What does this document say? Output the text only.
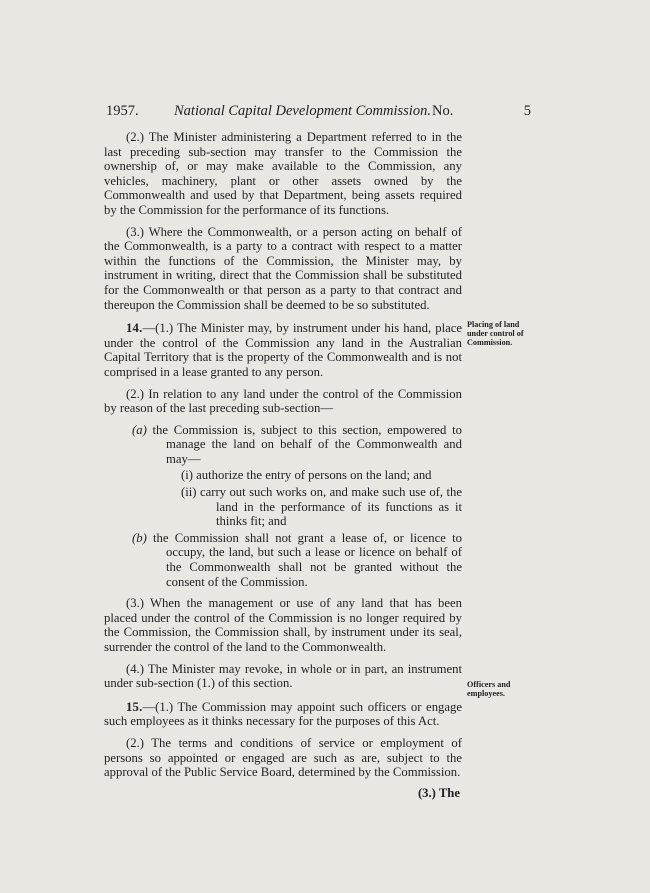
1957. National Capital Development Commission. No.	5

(2.) The Minister administering a Department referred to in the last preceding sub-section may transfer to the Commission the ownership of, or may make available to the Commission, any vehicles, machinery, plant or other assets owned by the Commonwealth and used by that Department, being assets required by the Commission for the performance of its functions.

(3.) Where the Commonwealth, or a person acting on behalf of the Commonwealth, is a party to a contract with respect to a matter within the functions of the Commission, the Minister may, by instrument in writing, direct that the Commission shall be substituted for the Commonwealth or that person as a party to that contract and thereupon the Commission shall be deemed to be so substituted.

14.—(1.) The Minister may, by instrument under his hand, place under the control of the Commission any land in the Australian Capital Territory that is the property of the Commonwealth and is not comprised in a lease granted to any person.

(2.) In relation to any land under the control of the Commission by reason of the last preceding sub-section—

(a) the Commission is, subject to this section, empowered to manage the land on behalf of the Commonwealth and may—
(i) authorize the entry of persons on the land; and
(ii) carry out such works on, and make such use of, the land in the performance of its functions as it thinks fit; and
(b) the Commission shall not grant a lease of, or licence to occupy, the land, but such a lease or licence on behalf of the Commonwealth shall not be granted without the consent of the Commission.

(3.) When the management or use of any land that has been placed under the control of the Commission is no longer required by the Commission, the Commission shall, by instrument under its seal, surrender the control of the land to the Commonwealth.

(4.) The Minister may revoke, in whole or in part, an instrument under sub-section (1.) of this section.

15.—(1.) The Commission may appoint such officers or engage such employees as it thinks necessary for the purposes of this Act.

(2.) The terms and conditions of service or employment of persons so appointed or engaged are such as are, subject to the approval of the Public Service Board, determined by the Commission.

(3.) The
Placing of land under control of Commission.
Officers and employees.
